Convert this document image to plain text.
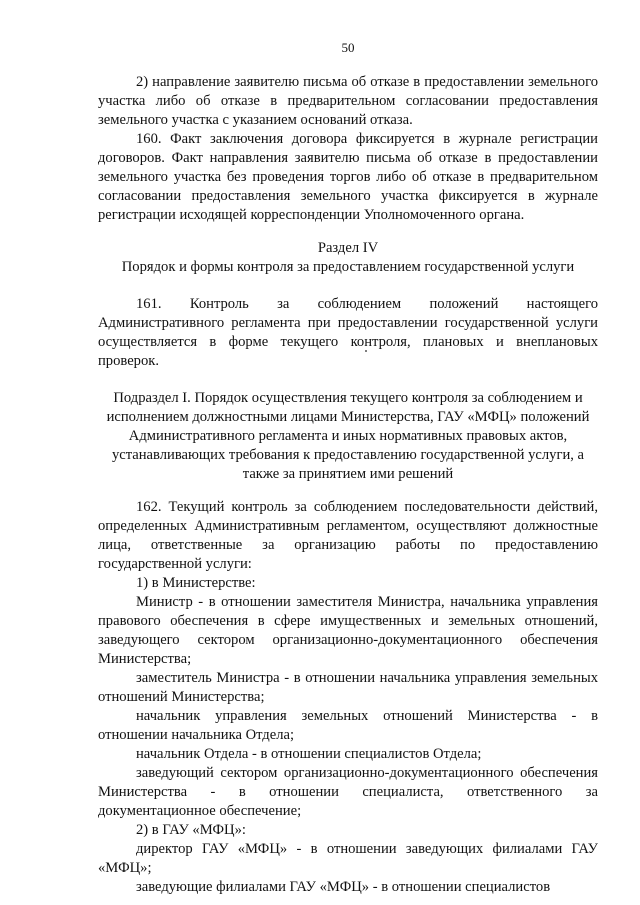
50

2) направление заявителю письма об отказе в предоставлении земельного участка либо об отказе в предварительном согласовании предоставления земельного участка с указанием оснований отказа.

160. Факт заключения договора фиксируется в журнале регистрации договоров. Факт направления заявителю письма об отказе в предоставлении земельного участка без проведения торгов либо об отказе в предварительном согласовании предоставления земельного участка фиксируется в журнале регистрации исходящей корреспонденции Уполномоченного органа.

Раздел IV
Порядок и формы контроля за предоставлением государственной услуги

161. Контроль за соблюдением положений настоящего Административного регламента при предоставлении государственной услуги осуществляется в форме текущего контроля, плановых и внеплановых проверок.

Подраздел I. Порядок осуществления текущего контроля за соблюдением и исполнением должностными лицами Министерства, ГАУ «МФЦ» положений Административного регламента и иных нормативных правовых актов, устанавливающих требования к предоставлению государственной услуги, а также за принятием ими решений

162. Текущий контроль за соблюдением последовательности действий, определенных Административным регламентом, осуществляют должностные лица, ответственные за организацию работы по предоставлению государственной услуги:

1) в Министерстве:

Министр - в отношении заместителя Министра, начальника управления правового обеспечения в сфере имущественных и земельных отношений, заведующего сектором организационно-документационного обеспечения Министерства;

заместитель Министра - в отношении начальника управления земельных отношений Министерства;

начальник управления земельных отношений Министерства - в отношении начальника Отдела;

начальник Отдела - в отношении специалистов Отдела;

заведующий сектором организационно-документационного обеспечения Министерства - в отношении специалиста, ответственного за документационное обеспечение;

2) в ГАУ «МФЦ»:

директор ГАУ «МФЦ» - в отношении заведующих филиалами ГАУ «МФЦ»;

заведующие филиалами ГАУ «МФЦ» - в отношении специалистов
